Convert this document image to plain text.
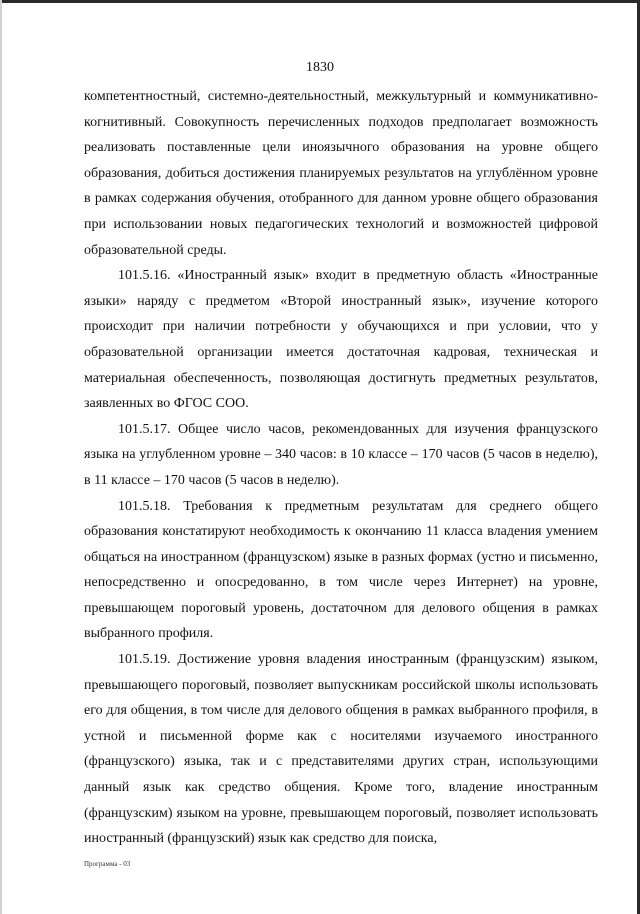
1830

компетентностный, системно-деятельностный, межкультурный и коммуникативно-когнитивный. Совокупность перечисленных подходов предполагает возможность реализовать поставленные цели иноязычного образования на уровне общего образования, добиться достижения планируемых результатов на углублённом уровне в рамках содержания обучения, отобранного для данном уровне общего образования при использовании новых педагогических технологий и возможностей цифровой образовательной среды.

101.5.16. «Иностранный язык» входит в предметную область «Иностранные языки» наряду с предметом «Второй иностранный язык», изучение которого происходит при наличии потребности у обучающихся и при условии, что у образовательной организации имеется достаточная кадровая, техническая и материальная обеспеченность, позволяющая достигнуть предметных результатов, заявленных во ФГОС СОО.

101.5.17. Общее число часов, рекомендованных для изучения французского языка на углубленном уровне – 340 часов: в 10 классе – 170 часов (5 часов в неделю), в 11 классе – 170 часов (5 часов в неделю).

101.5.18. Требования к предметным результатам для среднего общего образования констатируют необходимость к окончанию 11 класса владения умением общаться на иностранном (французском) языке в разных формах (устно и письменно, непосредственно и опосредованно, в том числе через Интернет) на уровне, превышающем пороговый уровень, достаточном для делового общения в рамках выбранного профиля.

101.5.19. Достижение уровня владения иностранным (французским) языком, превышающего пороговый, позволяет выпускникам российской школы использовать его для общения, в том числе для делового общения в рамках выбранного профиля, в устной и письменной форме как с носителями изучаемого иностранного (французского) языка, так и с представителями других стран, использующими данный язык как средство общения. Кроме того, владение иностранным (французским) языком на уровне, превышающем пороговый, позволяет использовать иностранный (французский) язык как средство для поиска,

Программа - 03
